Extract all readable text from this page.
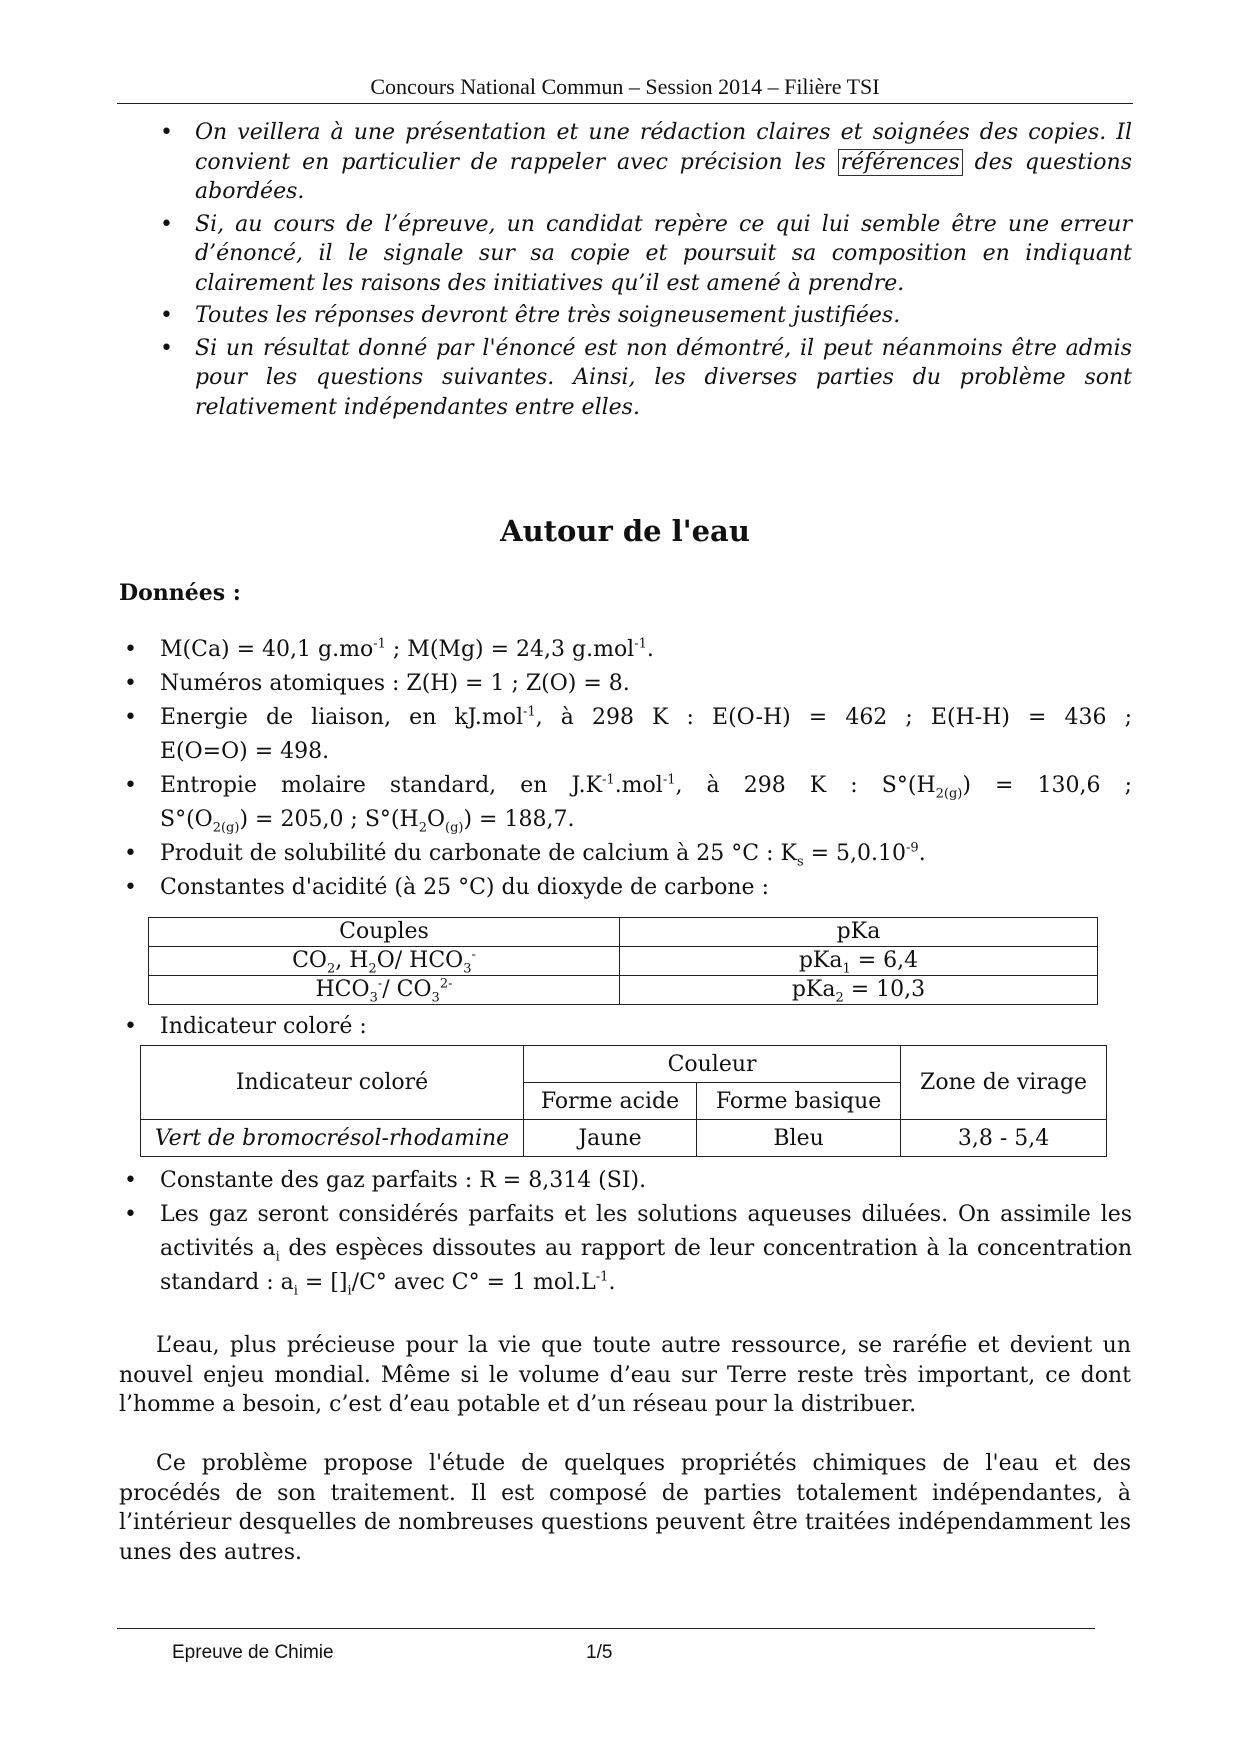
Concours National Commun – Session 2014 – Filière TSI
• On veillera à une présentation et une rédaction claires et soignées des copies. Il convient en particulier de rappeler avec précision les références des questions abordées.
• Si, au cours de l’épreuve, un candidat repère ce qui lui semble être une erreur d’énoncé, il le signale sur sa copie et poursuit sa composition en indiquant clairement les raisons des initiatives qu’il est amené à prendre.
• Toutes les réponses devront être très soigneusement justifiées.
• Si un résultat donné par l'énoncé est non démontré, il peut néanmoins être admis pour les questions suivantes. Ainsi, les diverses parties du problème sont relativement indépendantes entre elles.
Autour de l'eau
Données :
• M(Ca) = 40,1 $g.mo^{-1}$ ; M(Mg) = 24,3 g.mol$^{-1}$.
• Numéros atomiques : Z(H) = 1 ; Z(O) = 8.
• Energie de liaison, en kJ.mol$^{-1}$, à 298 K : E(O-H) = 462 ; E(H-H) = 436 ;
E(O=O) = 498.
• Entropie molaire standard, en $J.K^{-1}.mol^{-1}$, à 298 K : $S^\circ(H_{2(g)}) = 130,6$ ;
$S^\circ(O_{2(g)}) = 205,0$ ; $S^\circ(H_2O_{(g)}) = 188,7$.
• Produit de solubilité du carbonate de calcium à 25 °C : $K_s = 5,0.10^{-9}$.
• Constantes d'acidité (à 25 °C) du dioxyde de carbone :
Couples	pKa
$CO_2$, $H_2O/$ $HCO_3^-$	pKa$_1$ = 6,4
$HCO_3^-/$ $CO_3^{2-}$	pKa$_2$ = 10,3
• Indicateur coloré :
Indicateur coloré	Couleur		Zone de virage
	Forme acide	Forme basique	
Vert de bromocrésol-rhodamine	Jaune	Bleu	3,8 - 5,4
• Constante des gaz parfaits : R = 8,314 (SI).
• Les gaz seront considérés parfaits et les solutions aqueuses diluées. On assimile les activités $a_i$ des espèces dissoutes au rapport de leur concentration à la concentration standard : $a_i = []_i/C^\circ$ avec C° = 1 $mol.L^{-1}$.

L’eau, plus précieuse pour la vie que toute autre ressource, se raréfie et devient un nouvel enjeu mondial. Même si le volume d’eau sur Terre reste très important, ce dont l’homme a besoin, c’est d’eau potable et d’un réseau pour la distribuer.

Ce problème propose l'étude de quelques propriétés chimiques de l'eau et des procédés de son traitement. Il est composé de parties totalement indépendantes, à l’intérieur desquelles de nombreuses questions peuvent être traitées indépendamment les unes des autres.

Epreuve de Chimie	1/5
